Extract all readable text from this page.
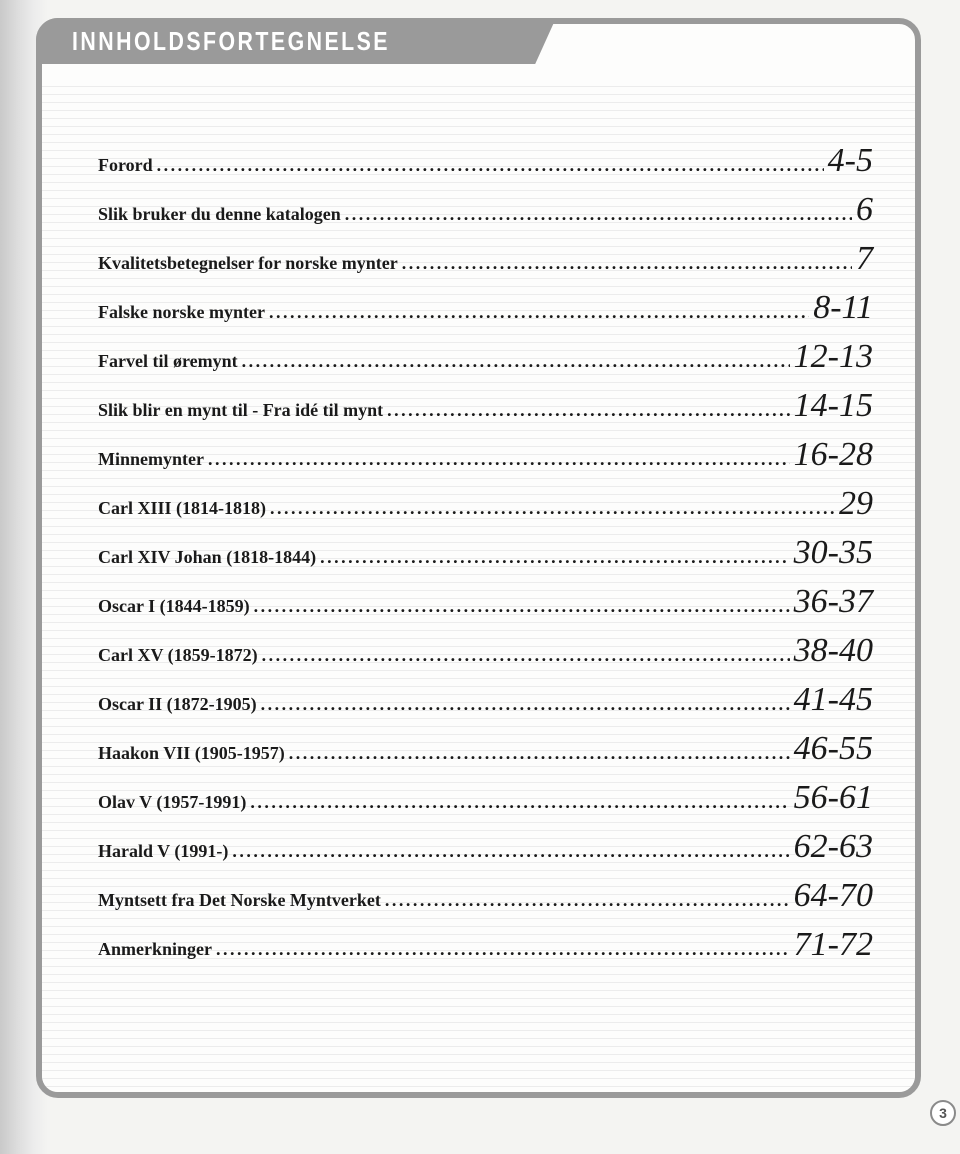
INNHOLDSFORTEGNELSE
Forord . . .	4-5
Slik bruker du denne katalogen . . .	6
Kvalitetsbetegnelser for norske mynter . . .	7
Falske norske mynter . . .	8-11
Farvel til øremynt . . .	12-13
Slik blir en mynt til - Fra idé til mynt . . .	14-15
Minnemynter . . .	16-28
Carl XIII (1814-1818) . . .	29
Carl XIV Johan (1818-1844) . . .	30-35
Oscar I (1844-1859) . . .	36-37
Carl XV (1859-1872) . . .	38-40
Oscar II (1872-1905) . . .	41-45
Haakon VII (1905-1957) . . .	46-55
Olav V (1957-1991) . . .	56-61
Harald V (1991-) . . .	62-63
Myntsett fra Det Norske Myntverket . . .	64-70
Anmerkninger . . .	71-72
3
